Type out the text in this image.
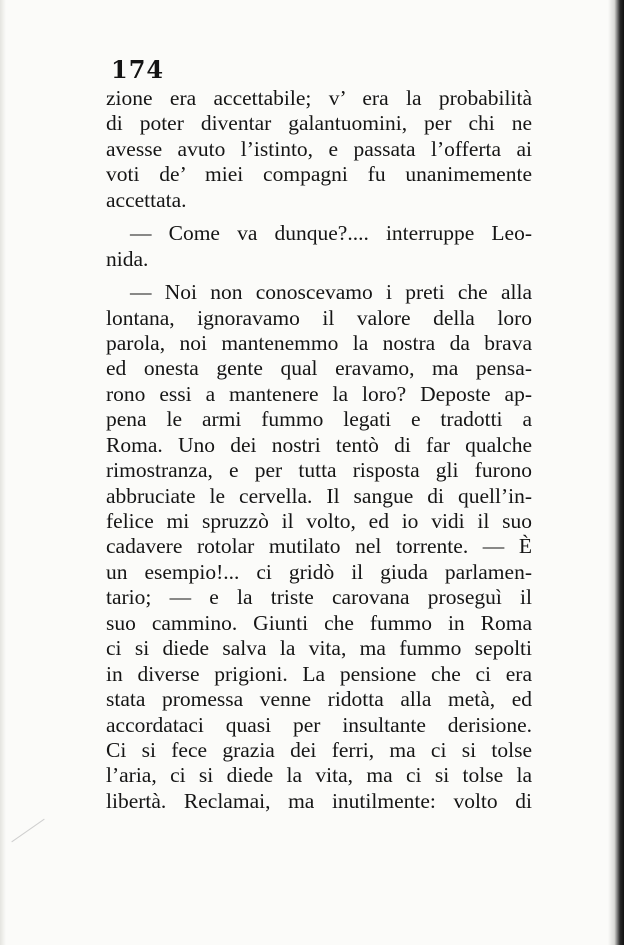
174
zione era accettabile; v’ era la probabilità
di poter diventar galantuomini, per chi ne
avesse avuto l’istinto, e passata l’offerta ai
voti de’ miei compagni fu unanimemente
accettata.
— Come va dunque?.... interruppe Leo-
nida.
— Noi non conoscevamo i preti che alla
lontana, ignoravamo il valore della loro
parola, noi mantenemmo la nostra da brava
ed onesta gente qual eravamo, ma pensa-
rono essi a mantenere la loro? Deposte ap-
pena le armi fummo legati e tradotti a
Roma. Uno dei nostri tentò di far qualche
rimostranza, e per tutta risposta gli furono
abbruciate le cervella. Il sangue di quell’in-
felice mi spruzzò il volto, ed io vidi il suo
cadavere rotolar mutilato nel torrente. — È
un esempio!... ci gridò il giuda parlamen-
tario; — e la triste carovana proseguì il
suo cammino. Giunti che fummo in Roma
ci si diede salva la vita, ma fummo sepolti
in diverse prigioni. La pensione che ci era
stata promessa venne ridotta alla metà, ed
accordataci quasi per insultante derisione.
Ci si fece grazia dei ferri, ma ci si tolse
l’aria, ci si diede la vita, ma ci si tolse la
libertà. Reclamai, ma inutilmente: volto di
